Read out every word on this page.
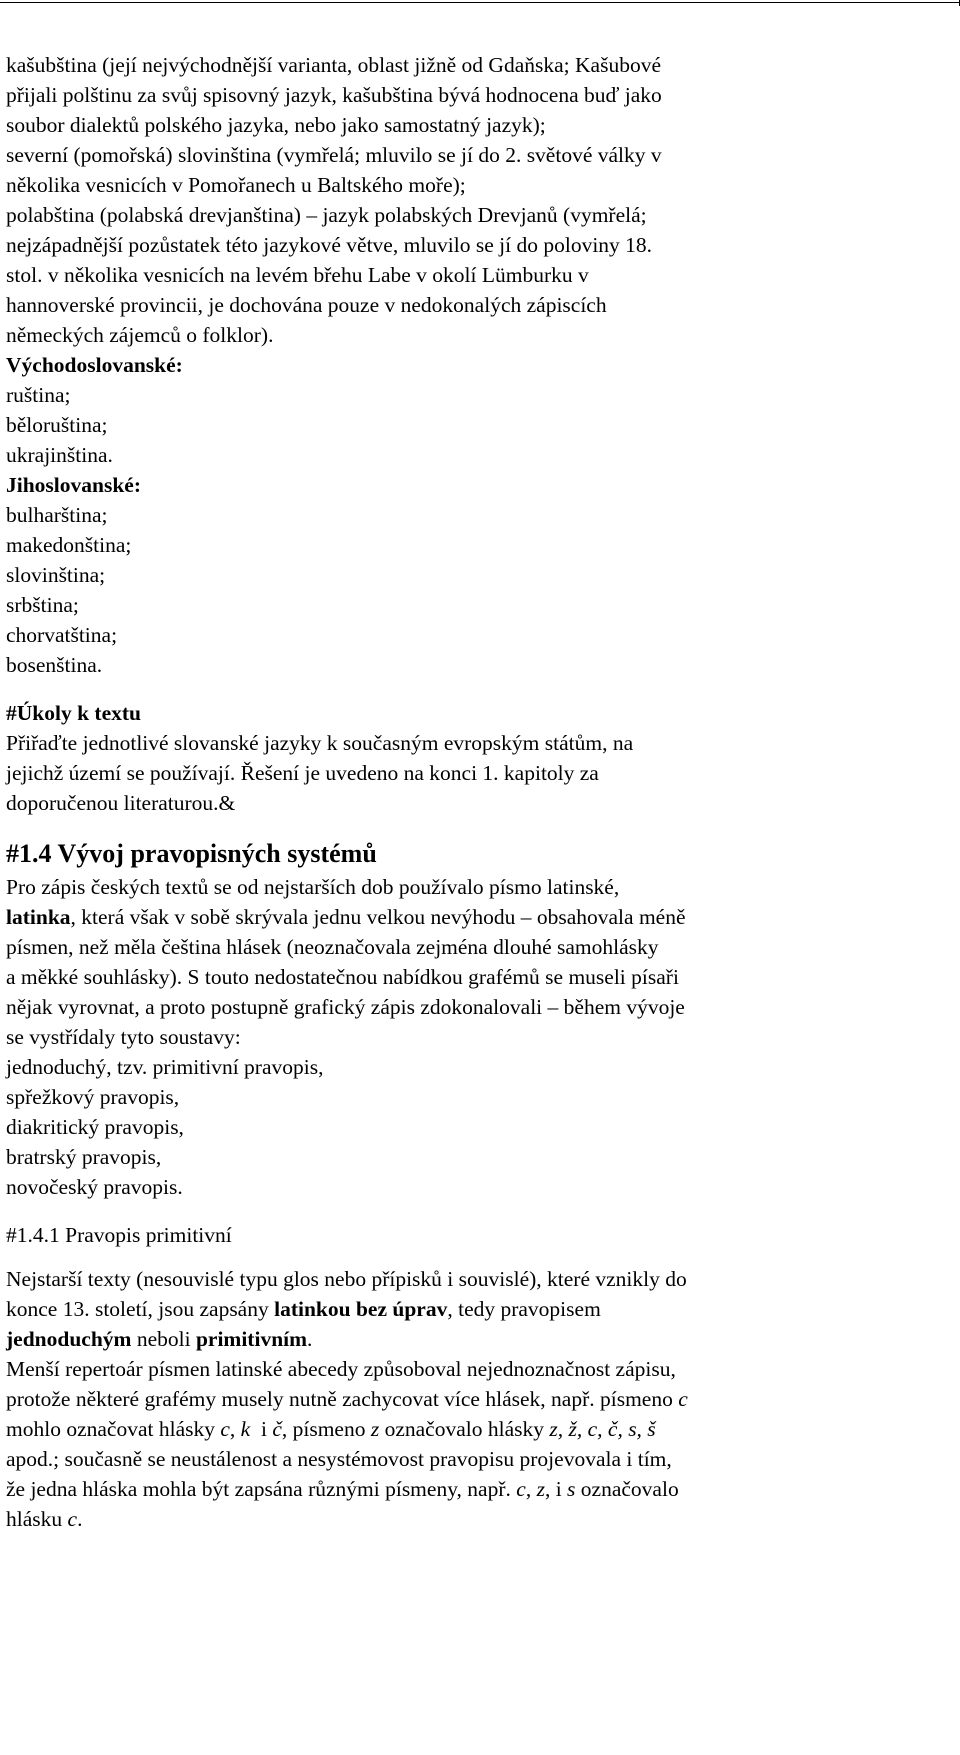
kašubština (její nejvýchodnější varianta, oblast jižně od Gdaňska; Kašubové
přijali polštinu za svůj spisovný jazyk, kašubština bývá hodnocena buď jako
soubor dialektů polského jazyka, nebo jako samostatný jazyk);
severní (pomořská) slovinština (vymřelá; mluvilo se jí do 2. světové války v
několika vesnicích v Pomořanech u Baltského moře);
polabština (polabská drevjanština) – jazyk polabských Drevjanů (vymřelá;
nejzápadnější pozůstatek této jazykové větve, mluvilo se jí do poloviny 18.
stol. v několika vesnicích na levém břehu Labe v okolí Lümburku v
hannoverské provincii, je dochována pouze v nedokonalých zápiscích
německých zájemců o folklor).

Východoslovanské:
ruština;
běloruština;
ukrajinština.

Jihoslovanské:
bulharština;
makedonština;
slovinština;
srbština;
chorvatština;
bosenština.

#Úkoly k textu
Přiřaďte jednotlivé slovanské jazyky k současným evropským státům, na
jejichž území se používají. Řešení je uvedeno na konci 1. kapitoly za
doporučenou literaturou.&

#1.4 Vývoj pravopisných systémů
Pro zápis českých textů se od nejstarších dob používalo písmo latinské,
latinka, která však v sobě skrývala jednu velkou nevýhodu – obsahovala méně
písmen, než měla čeština hlásek (neoznačovala zejména dlouhé samohlásky
a měkké souhlásky). S touto nedostatečnou nabídkou grafémů se museli písaři
nějak vyrovnat, a proto postupně grafický zápis zdokonalovali – během vývoje
se vystřídaly tyto soustavy:
jednoduchý, tzv. primitivní pravopis,
spřežkový pravopis,
diakritický pravopis,
bratrský pravopis,
novočeský pravopis.

#1.4.1 Pravopis primitivní
Nejstarší texty (nesouvislé typu glos nebo přípisků i souvislé), které vznikly do
konce 13. století, jsou zapsány latinkou bez úprav, tedy pravopisem
jednoduchým neboli primitivním.
Menší repertoár písmen latinské abecedy způsoboval nejednoznačnost zápisu,
protože některé grafémy musely nutně zachycovat více hlásek, např. písmeno c
mohlo označovat hlásky c, k  i č, písmeno z označovalo hlásky z, ž, c, č, s, š
apod.; současně se neustálenost a nesystémovost pravopisu projevovala i tím,
že jedna hláska mohla být zapsána různými písmeny, např. c, z, i s označovalo
hlásku c.
